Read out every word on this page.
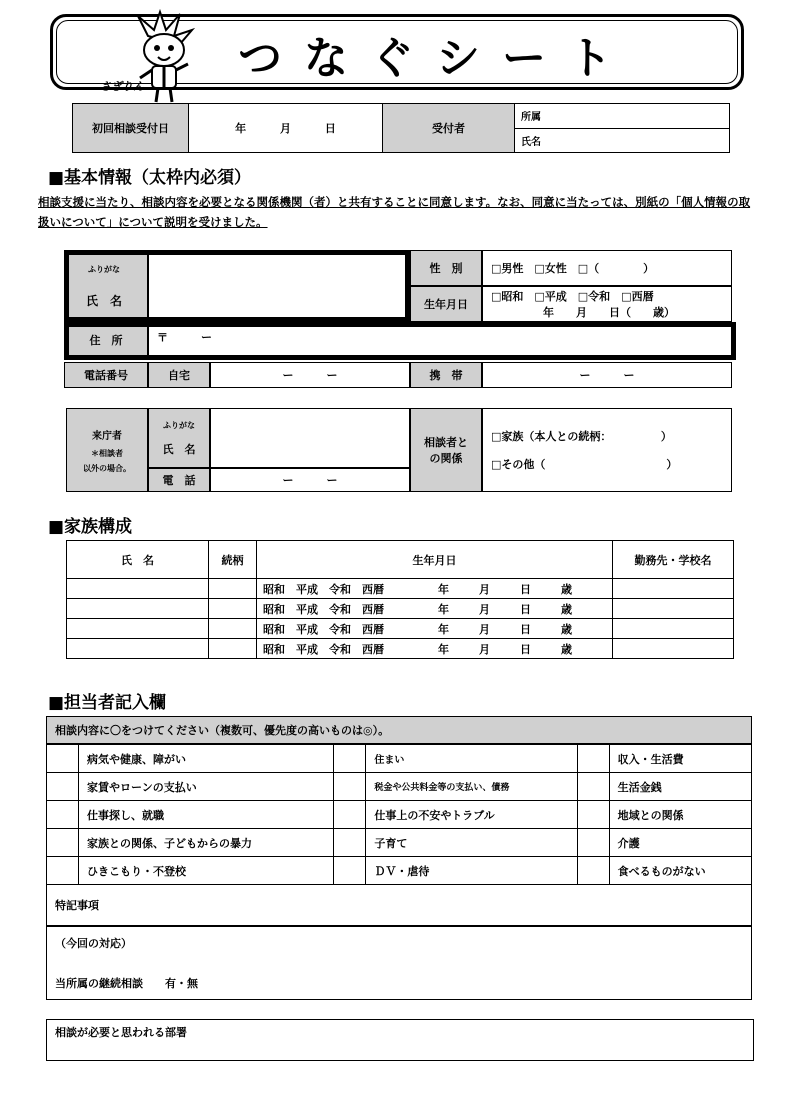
さぎりん
つなぐシート
初回相談受付日	年	月	日	受付者	所属
氏名
■基本情報（太枠内必須）
相談支援に当たり、相談内容を必要となる関係機関（者）と共有することに同意します。なお、同意に当たっては、別紙の「個人情報の取扱いについて」について説明を受けました。
ふりがな
氏　名
性　別	□男性　□女性　□（　　　　）
生年月日
□昭和　□平成　□令和　□西暦
年　　月　　日（　　歳）
住　所	〒　　　ー
電話番号	自宅	ー　　　ー	携　帯	ー　　　ー
来庁者
＊相談者
以外の場合。
ふりがな
氏　名
電　話	ー　　　ー
相談者と
の関係
□家族（本人との続柄：　　　　　）
□その他（　　　　　　　　　　　）
■家族構成
氏　名	続柄	生年月日	勤務先・学校名
		昭和　平成　令和　西暦 年 月 日 歳	
		昭和　平成　令和　西暦 年 月 日 歳	
		昭和　平成　令和　西暦 年 月 日 歳	
		昭和　平成　令和　西暦 年 月 日 歳	
■担当者記入欄
相談内容に〇をつけてください（複数可、優先度の高いものは◎）。
	病気や健康、障がい		住まい		収入・生活費
	家賃やローンの支払い		税金や公共料金等の支払い、債務		生活金銭
	仕事探し、就職		仕事上の不安やトラブル		地域との関係
	家族との関係、子どもからの暴力		子育て		介護
	ひきこもり・不登校		ＤＶ・虐待		食べるものがない
特記事項
（今回の対応）
当所属の継続相談　　有・無
相談が必要と思われる部署
